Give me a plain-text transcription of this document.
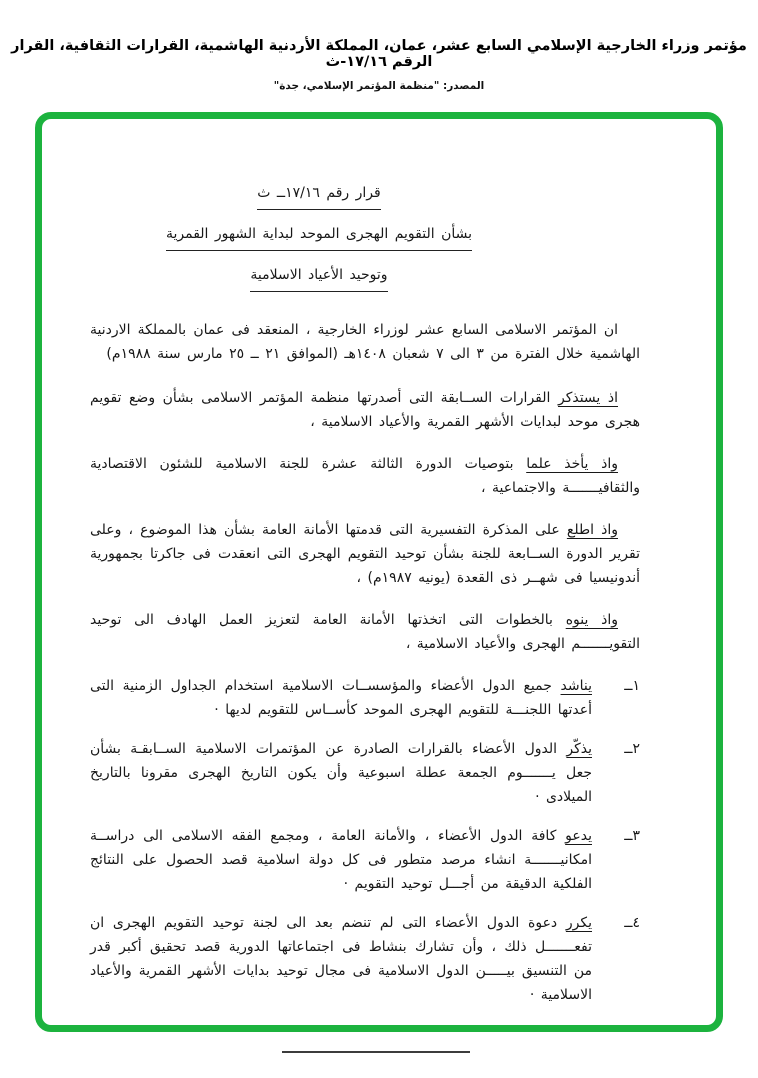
مؤتمر وزراء الخارجية الإسلامي السابع عشر، عمان، المملكة الأردنية الهاشمية، القرارات الثقافية، القرار الرقم ١٧/١٦-ث
المصدر: "منظمة المؤتمر الإسلامي، جدة"
قرار رقم ١٧/١٦ــ ث
بشأن التقويم الهجرى الموحد لبداية الشهور القمرية
وتوحيد الأعياد الاسلامية

ان المؤتمر الاسلامى السابع عشر لوزراء الخارجية ، المنعقد فى عمان بالمملكة الاردنية الهاشمية خلال الفترة من ٣ الى ٧ شعبان ١٤٠٨هـ (الموافق ٢١ ــ ٢٥ مارس سنة ١٩٨٨م)

اذ يستذكر القرارات الســابقة التى أصدرتها منظمة المؤتمر الاسلامى بشأن وضع تقويم هجرى موحد لبدايات الأشهر القمرية والأعياد الاسلامية ،

واذ يأخذ علما بتوصيات الدورة الثالثة عشرة للجنة الاسلامية للشئون الاقتصادية والثقافيـــــــة والاجتماعية ،

واذ اطلع على المذكرة التفسيرية التى قدمتها الأمانة العامة بشأن هذا الموضوع ، وعلى تقرير الدورة الســابعة للجنة بشأن توحيد التقويم الهجرى التى انعقدت فى جاكرتا بجمهورية أندونيسيا فى شهــر ذى القعدة (يونيه ١٩٨٧م) ،

واذ ينوه بالخطوات التى اتخذتها الأمانة العامة لتعزيز العمل الهادف الى توحيد التقويـــــــم الهجرى والأعياد الاسلامية ،

١ــ
يناشد جميع الدول الأعضاء والمؤسســات الاسلامية استخدام الجداول الزمنية التى أعدتها اللجنـــة للتقويم الهجرى الموحد كأســاس للتقويم لديها ·
٢ــ
يذكّر الدول الأعضاء بالقرارات الصادرة عن المؤتمرات الاسلامية الســابقـة بشأن جعل يـــــــوم الجمعة عطلة اسبوعية وأن يكون التاريخ الهجرى مقرونا بالتاريخ الميلادى ·
٣ــ
يدعو كافة الدول الأعضاء ، والأمانة العامة ، ومجمع الفقه الاسلامى الى دراســة امكانيـــــــة انشاء مرصد متطور فى كل دولة اسلامية قصد الحصول على النتائج الفلكية الدقيقة من أجـــل توحيد التقويم ·
٤ــ
يكرر دعوة الدول الأعضاء التى لم تنضم بعد الى لجنة توحيد التقويم الهجرى ان تفعـــــــل ذلك ، وأن تشارك بنشاط فى اجتماعاتها الدورية قصد تحقيق أكبر قدر من التنسيق بيـــــن الدول الاسلامية فى مجال توحيد بدايات الأشهر القمرية والأعياد الاسلامية ·
